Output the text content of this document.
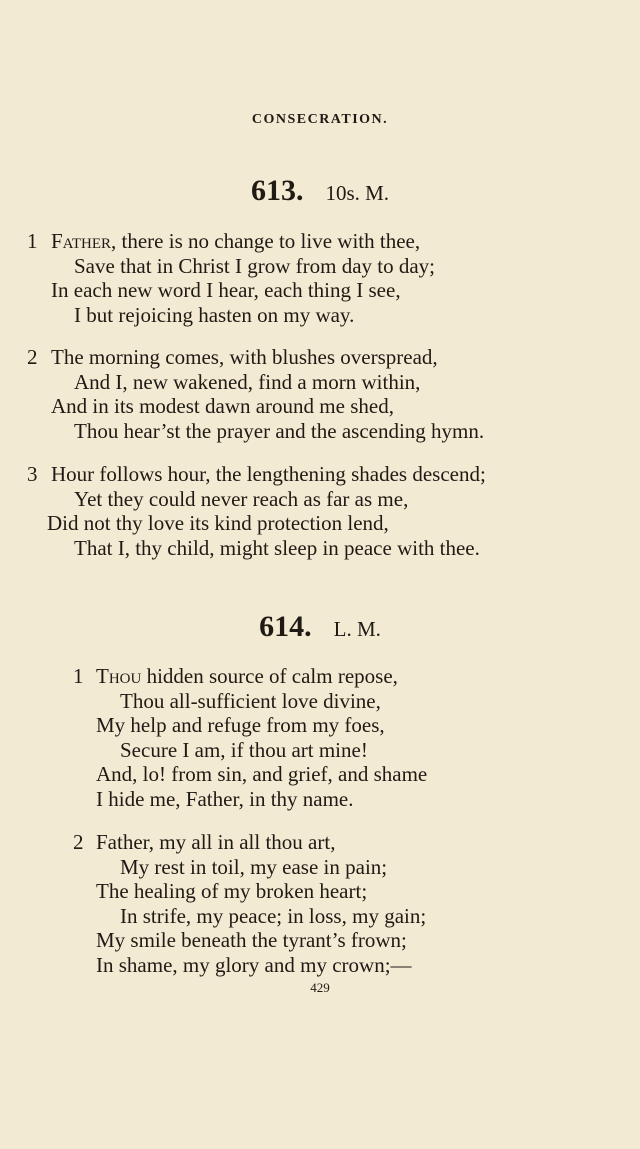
CONSECRATION.
613. 10s. M.
1 Father, there is no change to live with thee,
Save that in Christ I grow from day to day;
In each new word I hear, each thing I see,
I but rejoicing hasten on my way.
2 The morning comes, with blushes overspread,
And I, new wakened, find a morn within,
And in its modest dawn around me shed,
Thou hear’st the prayer and the ascending hymn.
3 Hour follows hour, the lengthening shades descend;
Yet they could never reach as far as me,
Did not thy love its kind protection lend,
That I, thy child, might sleep in peace with thee.
614. L. M.
1 Thou hidden source of calm repose,
Thou all-sufficient love divine,
My help and refuge from my foes,
Secure I am, if thou art mine!
And, lo! from sin, and grief, and shame
I hide me, Father, in thy name.
2 Father, my all in all thou art,
My rest in toil, my ease in pain;
The healing of my broken heart;
In strife, my peace; in loss, my gain;
My smile beneath the tyrant’s frown;
In shame, my glory and my crown;—
429
